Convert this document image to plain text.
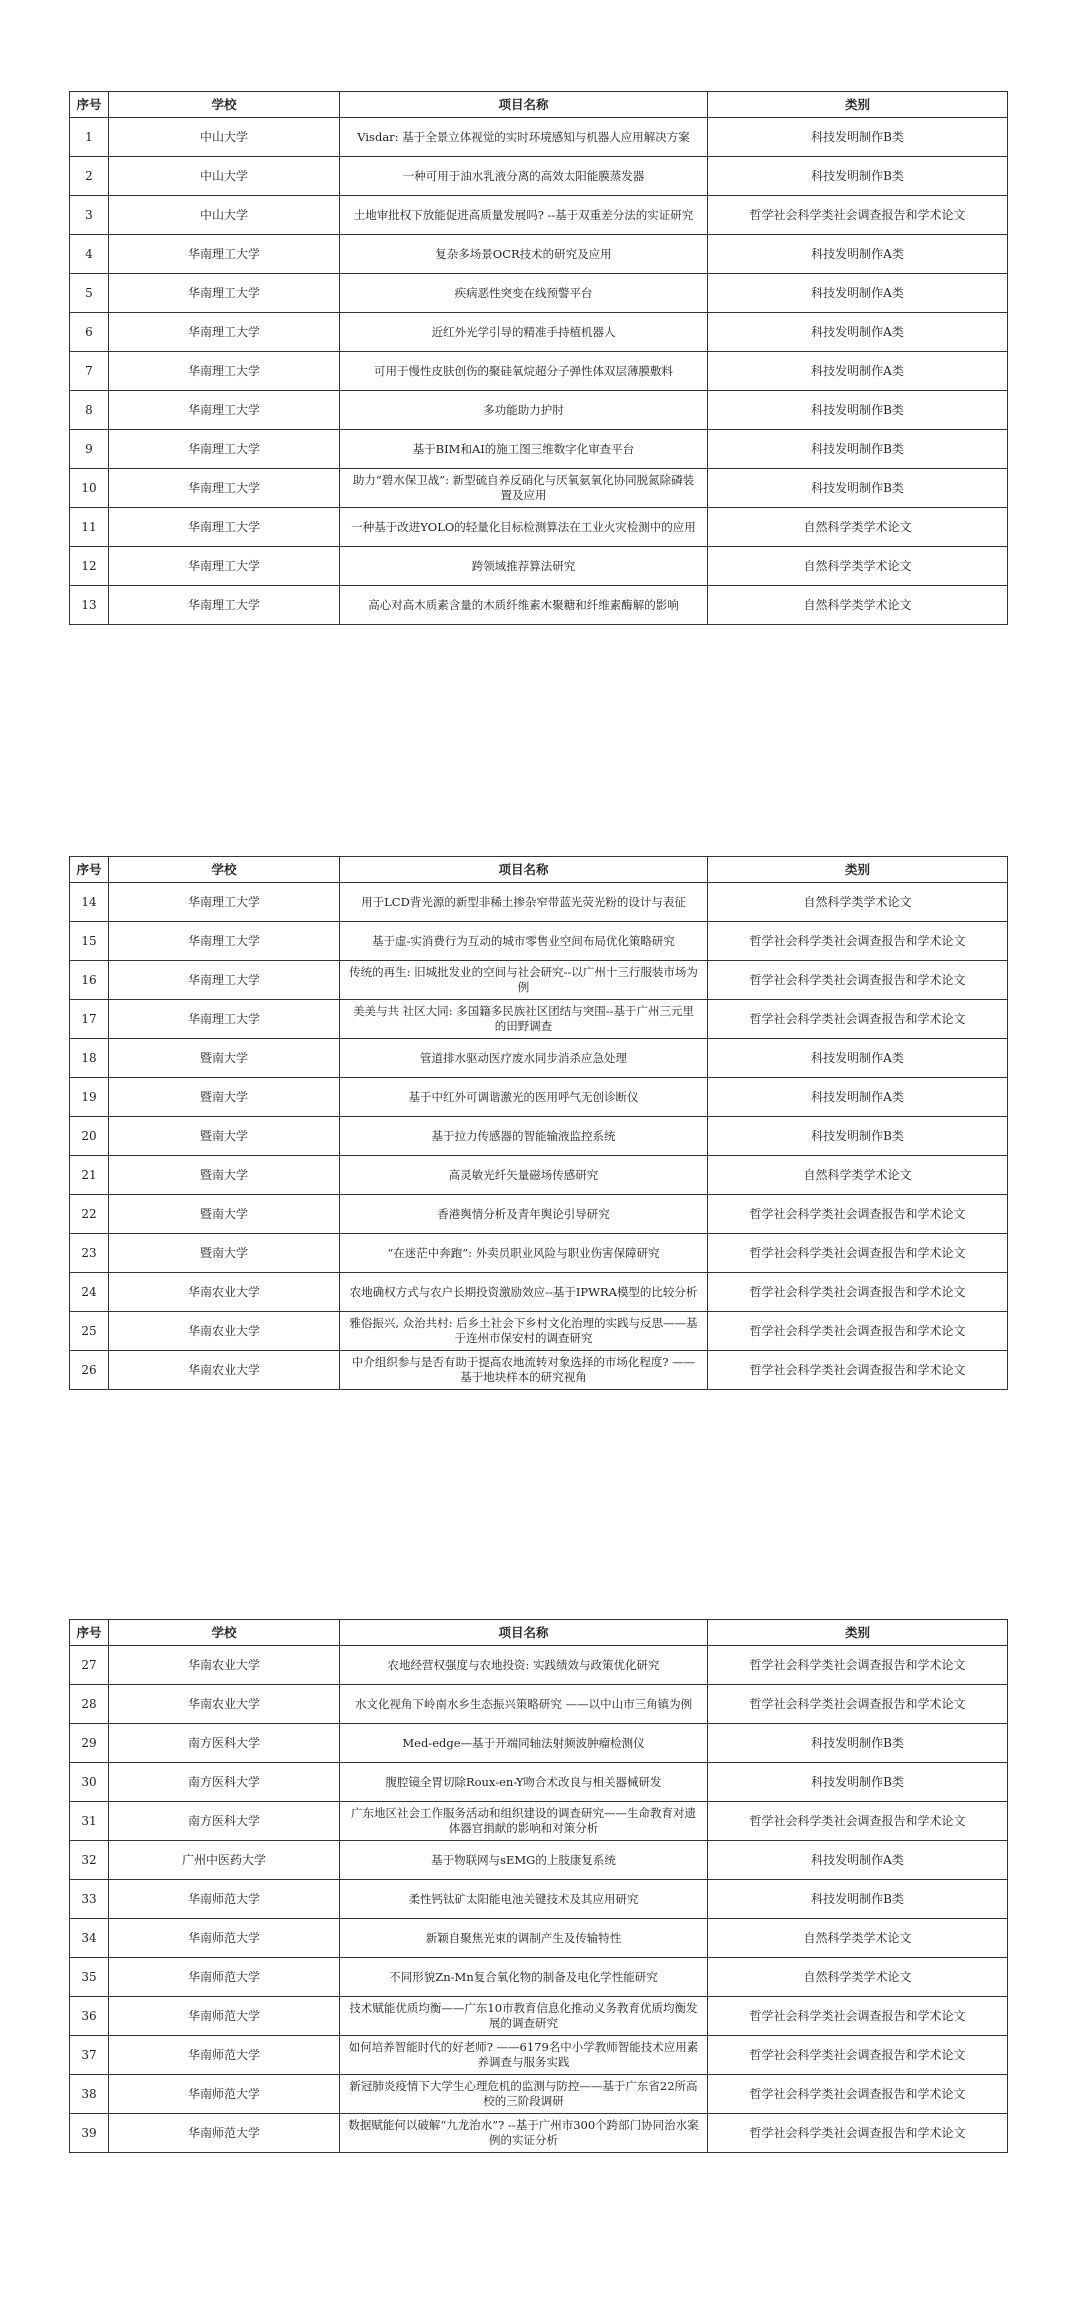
序号	学校	项目名称	类别
1	中山大学	Visdar: 基于全景立体视觉的实时环境感知与机器人应用解决方案	科技发明制作B类
2	中山大学	一种可用于油水乳液分离的高效太阳能膜蒸发器	科技发明制作B类
3	中山大学	土地审批权下放能促进高质量发展吗? --基于双重差分法的实证研究	哲学社会科学类社会调查报告和学术论文
4	华南理工大学	复杂多场景OCR技术的研究及应用	科技发明制作A类
5	华南理工大学	疾病恶性突变在线预警平台	科技发明制作A类
6	华南理工大学	近红外光学引导的精准手持植机器人	科技发明制作A类
7	华南理工大学	可用于慢性皮肤创伤的聚硅氧烷超分子弹性体双层薄膜敷料	科技发明制作A类
8	华南理工大学	多功能助力护肘	科技发明制作B类
9	华南理工大学	基于BIM和AI的施工图三维数字化审查平台	科技发明制作B类
10	华南理工大学	助力“碧水保卫战”: 新型硫自养反硝化与厌氧氨氧化协同脱氮除磷装置及应用	科技发明制作B类
11	华南理工大学	一种基于改进YOLO的轻量化目标检测算法在工业火灾检测中的应用	自然科学类学术论文
12	华南理工大学	跨领域推荐算法研究	自然科学类学术论文
13	华南理工大学	高心对高木质素含量的木质纤维素木聚糖和纤维素酶解的影响	自然科学类学术论文
序号	学校	项目名称	类别
14	华南理工大学	用于LCD背光源的新型非稀土掺杂窄带蓝光荧光粉的设计与表征	自然科学类学术论文
15	华南理工大学	基于虚-实消费行为互动的城市零售业空间布局优化策略研究	哲学社会科学类社会调查报告和学术论文
16	华南理工大学	传统的再生: 旧城批发业的空间与社会研究--以广州十三行服装市场为例	哲学社会科学类社会调查报告和学术论文
17	华南理工大学	美美与共 社区大同: 多国籍多民族社区团结与突围--基于广州三元里的田野调查	哲学社会科学类社会调查报告和学术论文
18	暨南大学	管道排水驱动医疗废水同步消杀应急处理	科技发明制作A类
19	暨南大学	基于中红外可调谐激光的医用呼气无创诊断仪	科技发明制作A类
20	暨南大学	基于拉力传感器的智能输液监控系统	科技发明制作B类
21	暨南大学	高灵敏光纤矢量磁场传感研究	自然科学类学术论文
22	暨南大学	香港舆情分析及青年舆论引导研究	哲学社会科学类社会调查报告和学术论文
23	暨南大学	“在迷茫中奔跑”: 外卖员职业风险与职业伤害保障研究	哲学社会科学类社会调查报告和学术论文
24	华南农业大学	农地确权方式与农户长期投资激励效应--基于IPWRA模型的比较分析	哲学社会科学类社会调查报告和学术论文
25	华南农业大学	雅俗振兴, 众治共村: 后乡土社会下乡村文化治理的实践与反思——基于连州市保安村的调查研究	哲学社会科学类社会调查报告和学术论文
26	华南农业大学	中介组织参与是否有助于提高农地流转对象选择的市场化程度? ——基于地块样本的研究视角	哲学社会科学类社会调查报告和学术论文
序号	学校	项目名称	类别
27	华南农业大学	农地经营权强度与农地投资: 实践绩效与政策优化研究	哲学社会科学类社会调查报告和学术论文
28	华南农业大学	水文化视角下岭南水乡生态振兴策略研究 ——以中山市三角镇为例	哲学社会科学类社会调查报告和学术论文
29	南方医科大学	Med-edge—基于开端同轴法射频波肿瘤检测仪	科技发明制作B类
30	南方医科大学	腹腔镜全胃切除Roux-en-Y吻合术改良与相关器械研发	科技发明制作B类
31	南方医科大学	广东地区社会工作服务活动和组织建设的调查研究——生命教育对遗体器官捐献的影响和对策分析	哲学社会科学类社会调查报告和学术论文
32	广州中医药大学	基于物联网与sEMG的上肢康复系统	科技发明制作A类
33	华南师范大学	柔性钙钛矿太阳能电池关键技术及其应用研究	科技发明制作B类
34	华南师范大学	新颖自聚焦光束的调制产生及传输特性	自然科学类学术论文
35	华南师范大学	不同形貌Zn-Mn复合氧化物的制备及电化学性能研究	自然科学类学术论文
36	华南师范大学	技术赋能优质均衡——广东10市教育信息化推动义务教育优质均衡发展的调查研究	哲学社会科学类社会调查报告和学术论文
37	华南师范大学	如何培养智能时代的好老师? ——6179名中小学教师智能技术应用素养调查与服务实践	哲学社会科学类社会调查报告和学术论文
38	华南师范大学	新冠肺炎疫情下大学生心理危机的监测与防控——基于广东省22所高校的三阶段调研	哲学社会科学类社会调查报告和学术论文
39	华南师范大学	数据赋能何以破解“九龙治水”? --基于广州市300个跨部门协同治水案例的实证分析	哲学社会科学类社会调查报告和学术论文
